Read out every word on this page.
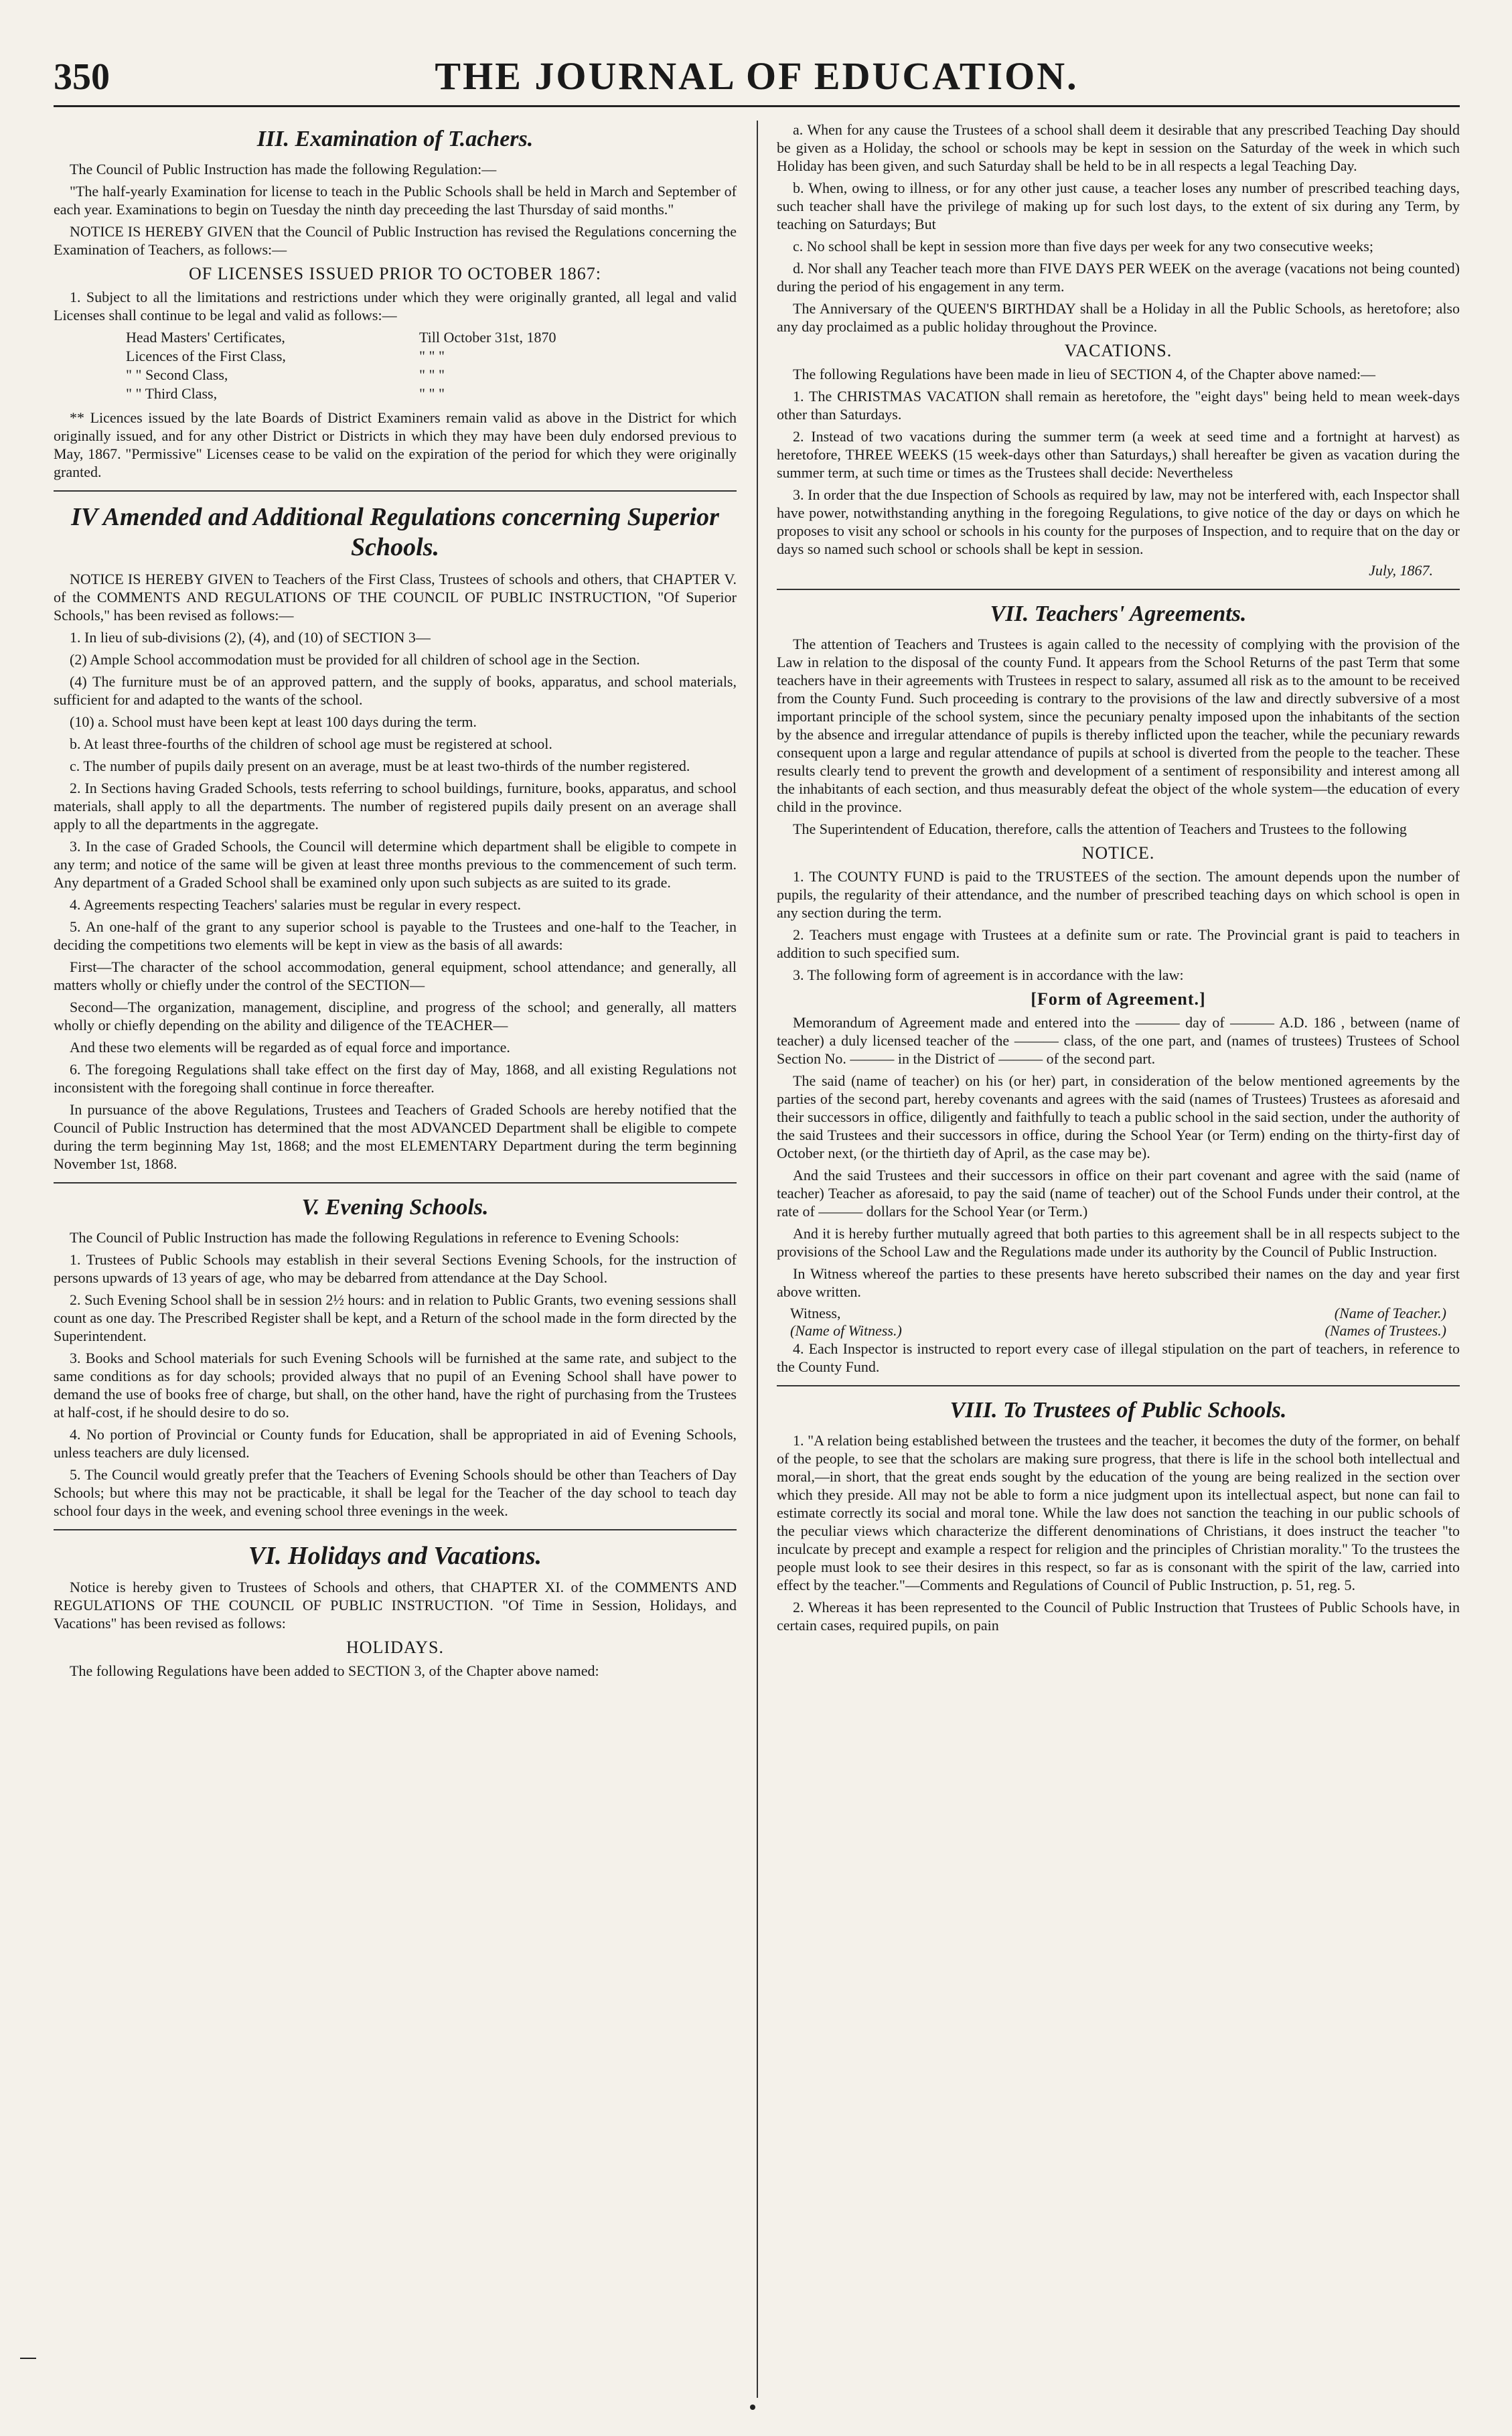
350	THE JOURNAL OF EDUCATION.
III. Examination of T.achers.

The Council of Public Instruction has made the following Regulation:—

"The half-yearly Examination for license to teach in the Public Schools shall be held in March and September of each year. Examinations to begin on Tuesday the ninth day preceeding the last Thursday of said months."

NOTICE IS HEREBY GIVEN that the Council of Public Instruction has revised the Regulations concerning the Examination of Teachers, as follows:—

OF LICENSES ISSUED PRIOR TO OCTOBER 1867:

1. Subject to all the limitations and restrictions under which they were originally granted, all legal and valid Licenses shall continue to be legal and valid as follows:—

Head Masters' Certificates,	Till October 31st, 1870
Licences of the First Class,	" " "
" " Second Class,	" " "
" " Third Class,	" " "

** Licences issued by the late Boards of District Examiners remain valid as above in the District for which originally issued, and for any other District or Districts in which they may have been duly endorsed previous to May, 1867. "Permissive" Licenses cease to be valid on the expiration of the period for which they were originally granted.

IV Amended and Additional Regulations concerning Superior Schools.

NOTICE IS HEREBY GIVEN to Teachers of the First Class, Trustees of schools and others, that CHAPTER V. of the COMMENTS AND REGULATIONS OF THE COUNCIL OF PUBLIC INSTRUCTION, "Of Superior Schools," has been revised as follows:—

1. In lieu of sub-divisions (2), (4), and (10) of SECTION 3—

(2) Ample School accommodation must be provided for all children of school age in the Section.

(4) The furniture must be of an approved pattern, and the supply of books, apparatus, and school materials, sufficient for and adapted to the wants of the school.

(10) a. School must have been kept at least 100 days during the term.

b. At least three-fourths of the children of school age must be registered at school.

c. The number of pupils daily present on an average, must be at least two-thirds of the number registered.

2. In Sections having Graded Schools, tests referring to school buildings, furniture, books, apparatus, and school materials, shall apply to all the departments. The number of registered pupils daily present on an average shall apply to all the departments in the aggregate.

3. In the case of Graded Schools, the Council will determine which department shall be eligible to compete in any term; and notice of the same will be given at least three months previous to the commencement of such term. Any department of a Graded School shall be examined only upon such subjects as are suited to its grade.

4. Agreements respecting Teachers' salaries must be regular in every respect.

5. An one-half of the grant to any superior school is payable to the Trustees and one-half to the Teacher, in deciding the competitions two elements will be kept in view as the basis of all awards:

First—The character of the school accommodation, general equipment, school attendance; and generally, all matters wholly or chiefly under the control of the SECTION—

Second—The organization, management, discipline, and progress of the school; and generally, all matters wholly or chiefly depending on the ability and diligence of the TEACHER—

And these two elements will be regarded as of equal force and importance.

6. The foregoing Regulations shall take effect on the first day of May, 1868, and all existing Regulations not inconsistent with the foregoing shall continue in force thereafter.

In pursuance of the above Regulations, Trustees and Teachers of Graded Schools are hereby notified that the Council of Public Instruction has determined that the most ADVANCED Department shall be eligible to compete during the term beginning May 1st, 1868; and the most ELEMENTARY Department during the term beginning November 1st, 1868.

V. Evening Schools.

The Council of Public Instruction has made the following Regulations in reference to Evening Schools:

1. Trustees of Public Schools may establish in their several Sections Evening Schools, for the instruction of persons upwards of 13 years of age, who may be debarred from attendance at the Day School.

2. Such Evening School shall be in session 2½ hours: and in relation to Public Grants, two evening sessions shall count as one day. The Prescribed Register shall be kept, and a Return of the school made in the form directed by the Superintendent.

3. Books and School materials for such Evening Schools will be furnished at the same rate, and subject to the same conditions as for day schools; provided always that no pupil of an Evening School shall have power to demand the use of books free of charge, but shall, on the other hand, have the right of purchasing from the Trustees at half-cost, if he should desire to do so.

4. No portion of Provincial or County funds for Education, shall be appropriated in aid of Evening Schools, unless teachers are duly licensed.

5. The Council would greatly prefer that the Teachers of Evening Schools should be other than Teachers of Day Schools; but where this may not be practicable, it shall be legal for the Teacher of the day school to teach day school four days in the week, and evening school three evenings in the week.

VI. Holidays and Vacations.

Notice is hereby given to Trustees of Schools and others, that CHAPTER XI. of the COMMENTS AND REGULATIONS OF THE COUNCIL OF PUBLIC INSTRUCTION. "Of Time in Session, Holidays, and Vacations" has been revised as follows:

HOLIDAYS.

The following Regulations have been added to SECTION 3, of the Chapter above named:

a. When for any cause the Trustees of a school shall deem it desirable that any prescribed Teaching Day should be given as a Holiday, the school or schools may be kept in session on the Saturday of the week in which such Holiday has been given, and such Saturday shall be held to be in all respects a legal Teaching Day.

b. When, owing to illness, or for any other just cause, a teacher loses any number of prescribed teaching days, such teacher shall have the privilege of making up for such lost days, to the extent of six during any Term, by teaching on Saturdays; But

c. No school shall be kept in session more than five days per week for any two consecutive weeks;

d. Nor shall any Teacher teach more than FIVE DAYS PER WEEK on the average (vacations not being counted) during the period of his engagement in any term.

The Anniversary of the QUEEN'S BIRTHDAY shall be a Holiday in all the Public Schools, as heretofore; also any day proclaimed as a public holiday throughout the Province.

VACATIONS.

The following Regulations have been made in lieu of SECTION 4, of the Chapter above named:—

1. The CHRISTMAS VACATION shall remain as heretofore, the "eight days" being held to mean week-days other than Saturdays.

2. Instead of two vacations during the summer term (a week at seed time and a fortnight at harvest) as heretofore, THREE WEEKS (15 week-days other than Saturdays,) shall hereafter be given as vacation during the summer term, at such time or times as the Trustees shall decide: Nevertheless

3. In order that the due Inspection of Schools as required by law, may not be interfered with, each Inspector shall have power, notwithstanding anything in the foregoing Regulations, to give notice of the day or days on which he proposes to visit any school or schools in his county for the purposes of Inspection, and to require that on the day or days so named such school or schools shall be kept in session.

July, 1867.
VII. Teachers' Agreements.

The attention of Teachers and Trustees is again called to the necessity of complying with the provision of the Law in relation to the disposal of the county Fund. It appears from the School Returns of the past Term that some teachers have in their agreements with Trustees in respect to salary, assumed all risk as to the amount to be received from the County Fund. Such proceeding is contrary to the provisions of the law and directly subversive of a most important principle of the school system, since the pecuniary penalty imposed upon the inhabitants of the section by the absence and irregular attendance of pupils is thereby inflicted upon the teacher, while the pecuniary rewards consequent upon a large and regular attendance of pupils at school is diverted from the people to the teacher. These results clearly tend to prevent the growth and development of a sentiment of responsibility and interest among all the inhabitants of each section, and thus measurably defeat the object of the whole system—the education of every child in the province.

The Superintendent of Education, therefore, calls the attention of Teachers and Trustees to the following

NOTICE.

1. The COUNTY FUND is paid to the TRUSTEES of the section. The amount depends upon the number of pupils, the regularity of their attendance, and the number of prescribed teaching days on which school is open in any section during the term.

2. Teachers must engage with Trustees at a definite sum or rate. The Provincial grant is paid to teachers in addition to such specified sum.

3. The following form of agreement is in accordance with the law:

[Form of Agreement.]

Memorandum of Agreement made and entered into the ——— day of ——— A.D. 186 , between (name of teacher) a duly licensed teacher of the ——— class, of the one part, and (names of trustees) Trustees of School Section No. ——— in the District of ——— of the second part.

The said (name of teacher) on his (or her) part, in consideration of the below mentioned agreements by the parties of the second part, hereby covenants and agrees with the said (names of Trustees) Trustees as aforesaid and their successors in office, diligently and faithfully to teach a public school in the said section, under the authority of the said Trustees and their successors in office, during the School Year (or Term) ending on the thirty-first day of October next, (or the thirtieth day of April, as the case may be).

And the said Trustees and their successors in office on their part covenant and agree with the said (name of teacher) Teacher as aforesaid, to pay the said (name of teacher) out of the School Funds under their control, at the rate of ——— dollars for the School Year (or Term.)

And it is hereby further mutually agreed that both parties to this agreement shall be in all respects subject to the provisions of the School Law and the Regulations made under its authority by the Council of Public Instruction.

In Witness whereof the parties to these presents have hereto subscribed their names on the day and year first above written.

Witness,	(Name of Teacher.)
(Name of Witness.)	(Names of Trustees.)

4. Each Inspector is instructed to report every case of illegal stipulation on the part of teachers, in reference to the County Fund.

VIII. To Trustees of Public Schools.

1. "A relation being established between the trustees and the teacher, it becomes the duty of the former, on behalf of the people, to see that the scholars are making sure progress, that there is life in the school both intellectual and moral,—in short, that the great ends sought by the education of the young are being realized in the section over which they preside. All may not be able to form a nice judgment upon its intellectual aspect, but none can fail to estimate correctly its social and moral tone. While the law does not sanction the teaching in our public schools of the peculiar views which characterize the different denominations of Christians, it does instruct the teacher "to inculcate by precept and example a respect for religion and the principles of Christian morality." To the trustees the people must look to see their desires in this respect, so far as is consonant with the spirit of the law, carried into effect by the teacher."—Comments and Regulations of Council of Public Instruction, p. 51, reg. 5.

2. Whereas it has been represented to the Council of Public Instruction that Trustees of Public Schools have, in certain cases, required pupils, on pain
